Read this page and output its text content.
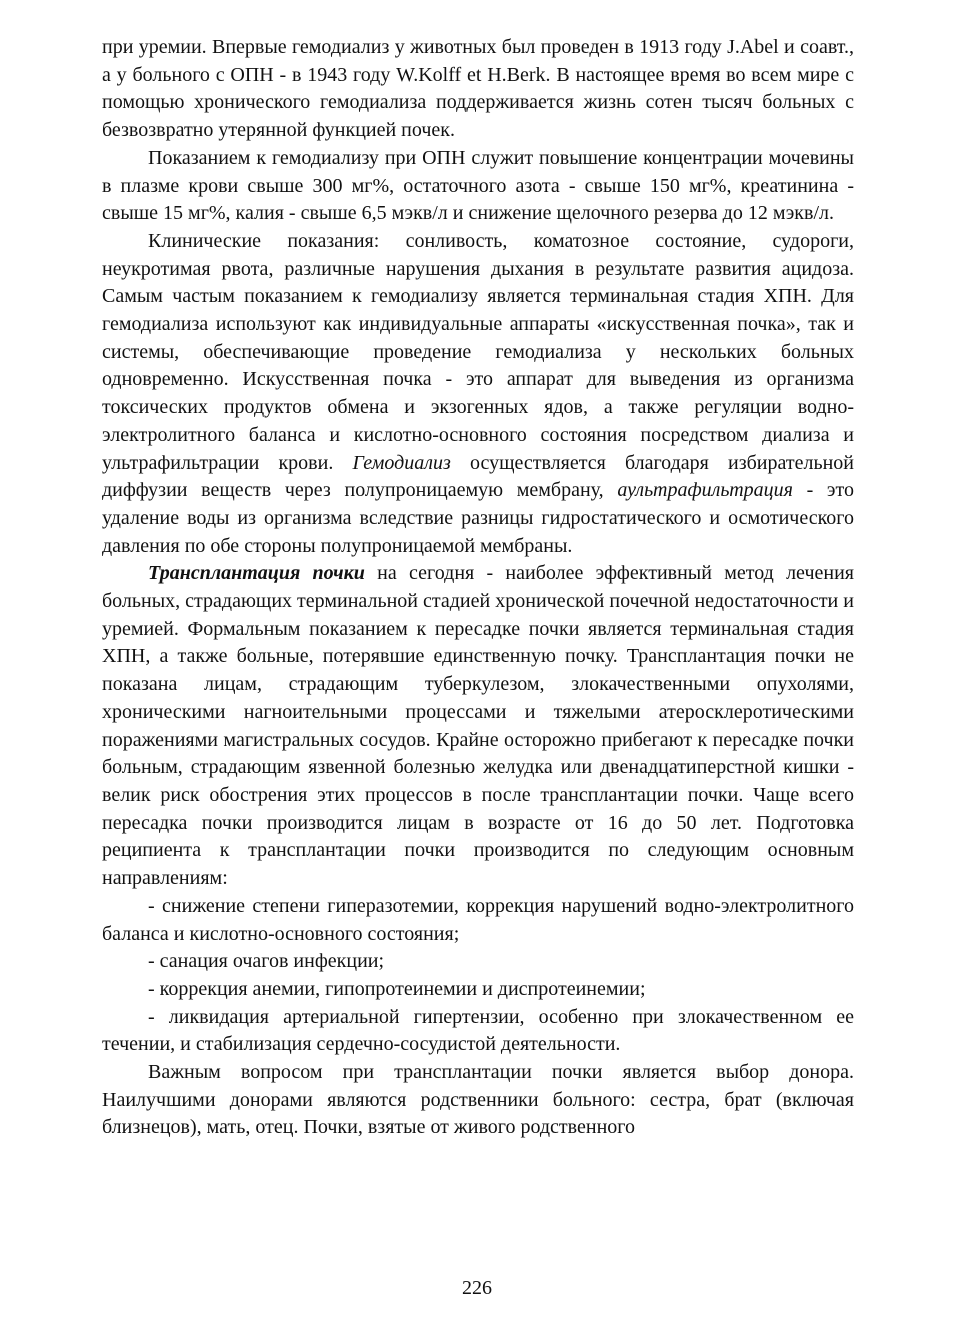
при уремии. Впервые гемодиализ у животных был проведен в 1913 году J.Abel и соавт., а у больного с ОПН - в 1943 году W.Kolff et H.Berk. В настоящее время во всем мире с помощью хронического гемодиализа поддерживается жизнь сотен тысяч больных с безвозвратно утерянной функцией почек.

Показанием к гемодиализу при ОПН служит повышение концентрации мочевины в плазме крови свыше 300 мг%, остаточного азота - свыше 150 мг%, креатинина - свыше 15 мг%, калия - свыше 6,5 мэкв/л и снижение щелочного резерва до 12 мэкв/л.

Клинические показания: сонливость, коматозное состояние, судороги, неукротимая рвота, различные нарушения дыхания в результате развития ацидоза. Самым частым показанием к гемодиализу является терминальная стадия ХПН. Для гемодиализа используют как индивидуальные аппараты «искусственная почка», так и системы, обеспечивающие проведение гемодиализа у нескольких больных одновременно. Искусственная почка - это аппарат для выведения из организма токсических продуктов обмена и экзогенных ядов, а также регуляции водно-электролитного баланса и кислотно-основного состояния посредством диализа и ультрафильтрации крови. Гемодиализ осуществляется благодаря избирательной диффузии веществ через полупроницаемую мембрану, аультрафильтрация - это удаление воды из организма вследствие разницы гидростатического и осмотического давления по обе стороны полупроницаемой мембраны.

Трансплантация почки на сегодня - наиболее эффективный метод лечения больных, страдающих терминальной стадией хронической почечной недостаточности и уремией. Формальным показанием к пересадке почки является терминальная стадия ХПН, а также больные, потерявшие единственную почку. Трансплантация почки не показана лицам, страдающим туберкулезом, злокачественными опухолями, хроническими нагноительными процессами и тяжелыми атеросклеротическими поражениями магистральных сосудов. Крайне осторожно прибегают к пересадке почки больным, страдающим язвенной болезнью желудка или двенадцатиперстной кишки - велик риск обострения этих процессов в после трансплантации почки. Чаще всего пересадка почки производится лицам в возрасте от 16 до 50 лет. Подготовка реципиента к трансплантации почки производится по следующим основным направлениям:

- снижение степени гиперазотемии, коррекция нарушений водно-электролитного баланса и кислотно-основного состояния;

- санация очагов инфекции;

- коррекция анемии, гипопротеинемии и диспротеинемии;

- ликвидация артериальной гипертензии, особенно при злокачественном ее течении, и стабилизация сердечно-сосудистой деятельности.

Важным вопросом при трансплантации почки является выбор донора. Наилучшими донорами являются родственники больного: сестра, брат (включая близнецов), мать, отец. Почки, взятые от живого родственного

226
